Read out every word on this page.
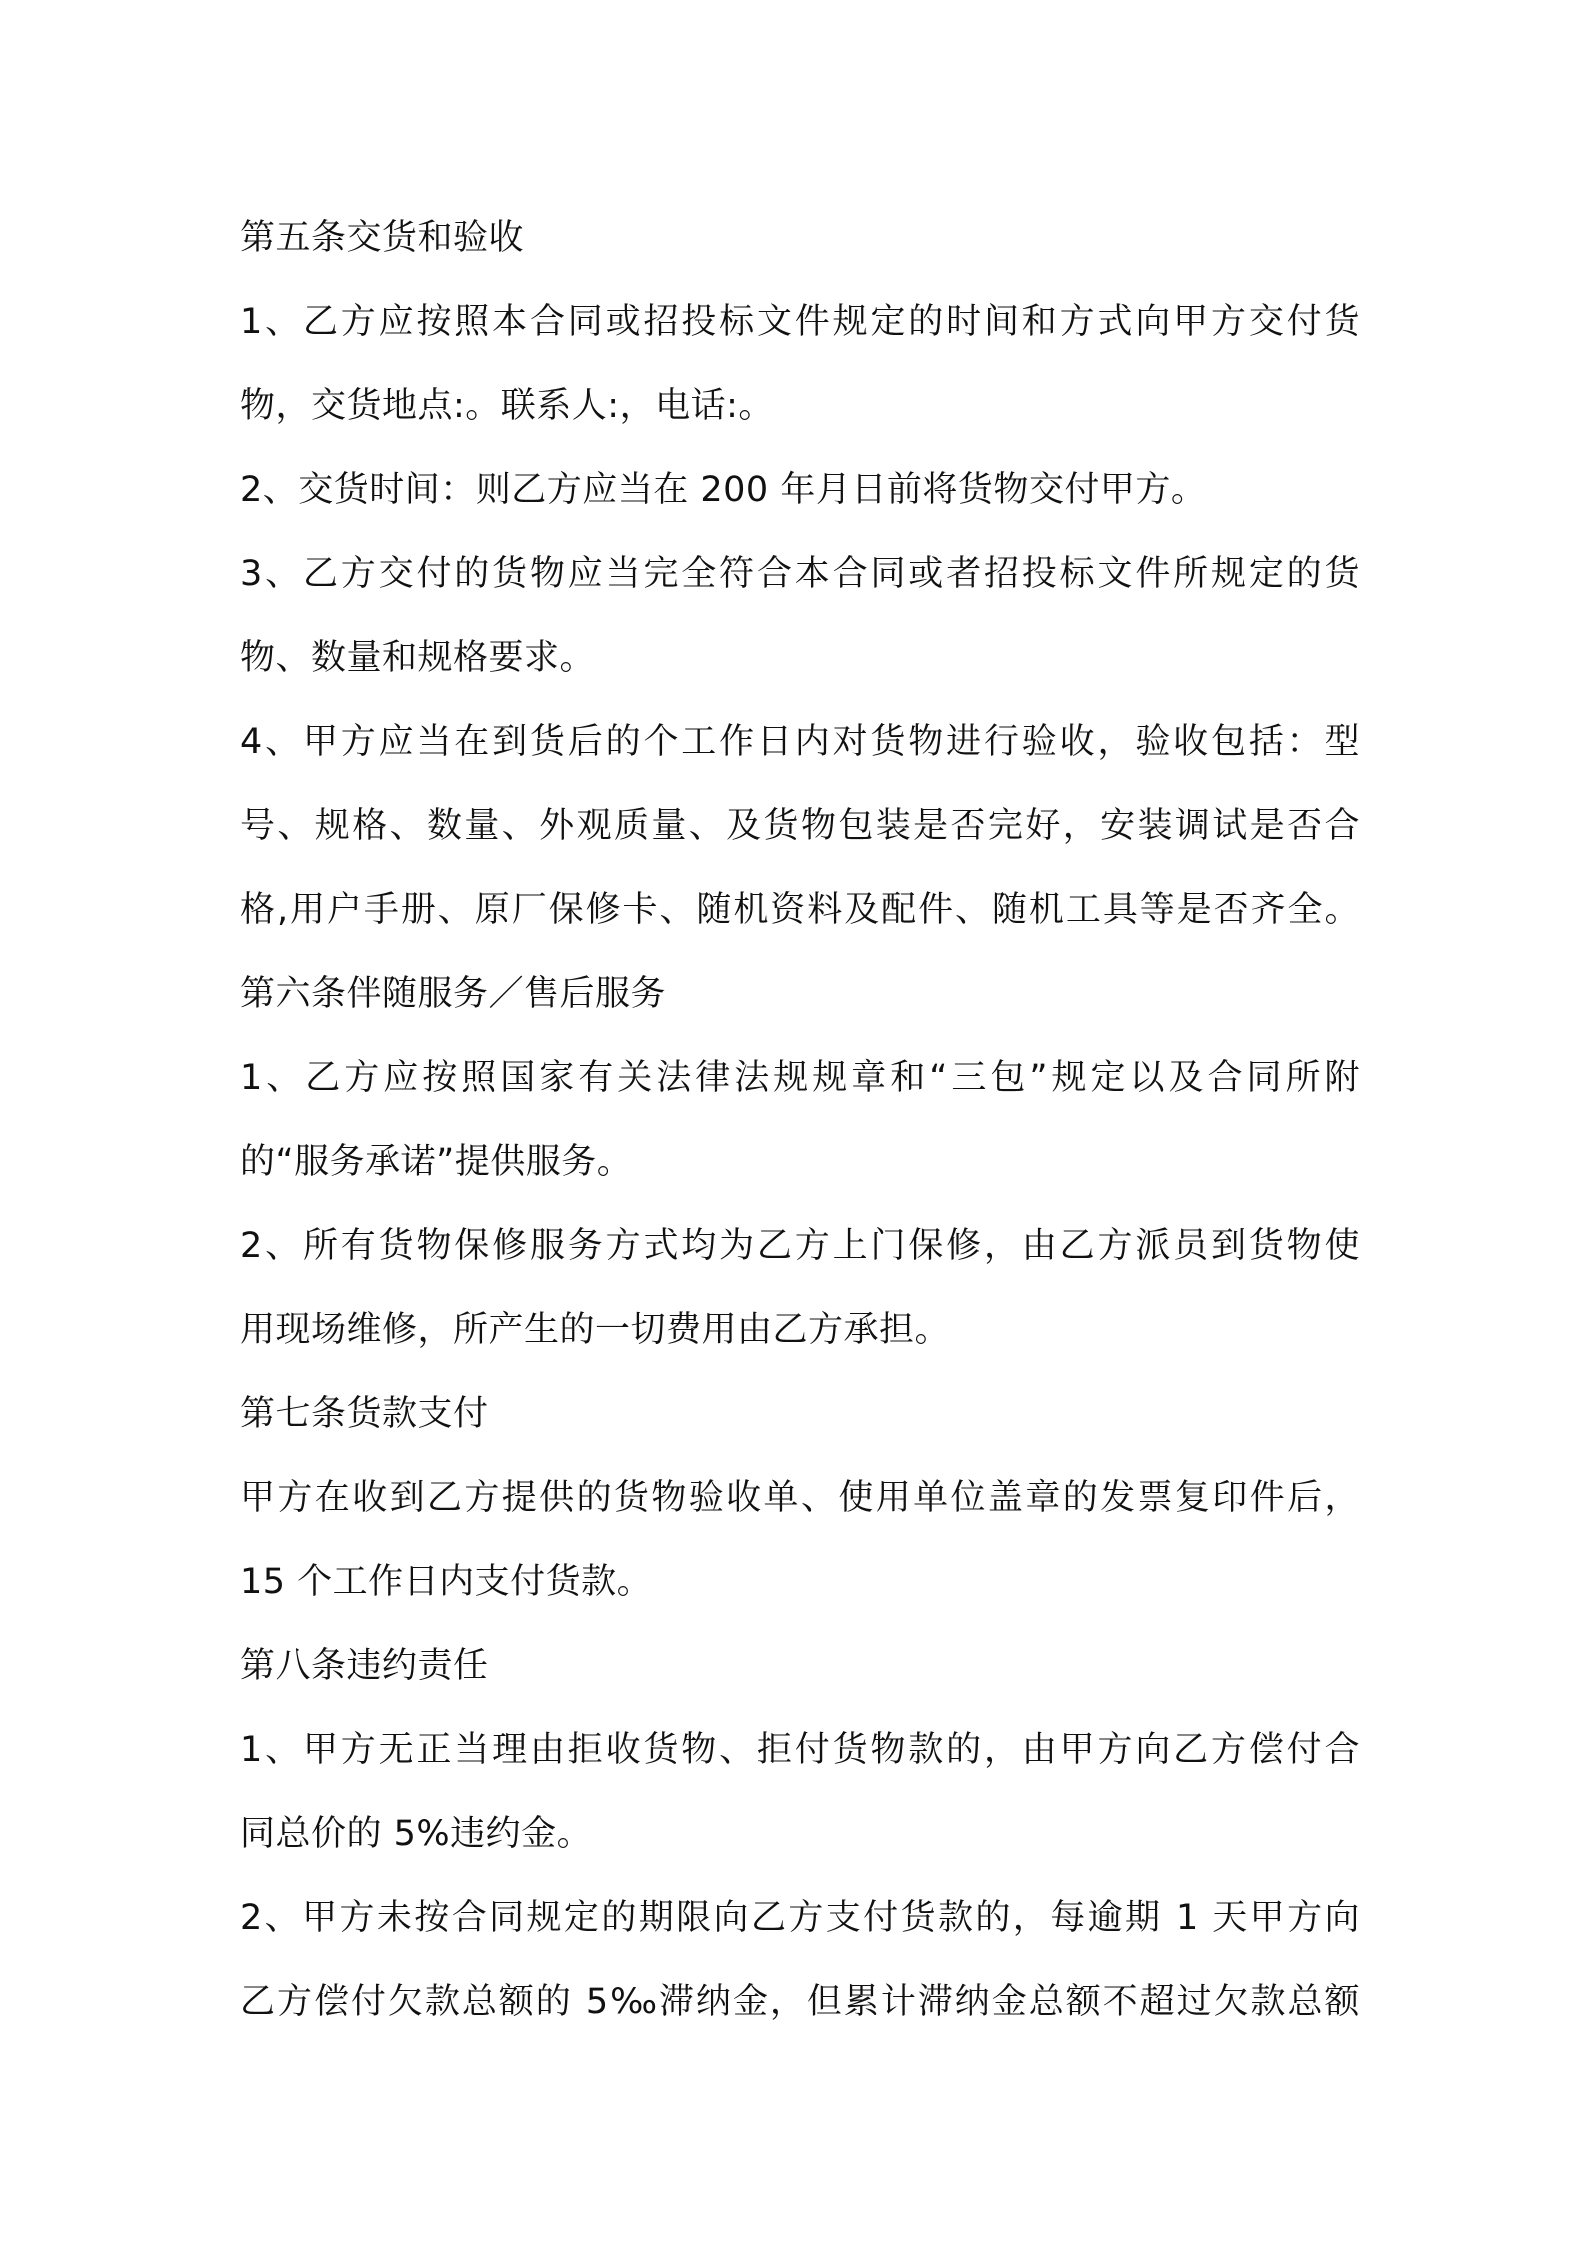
第五条交货和验收
1、乙方应按照本合同或招投标文件规定的时间和方式向甲方交付货
物，交货地点:。联系人:，电话:。
2、交货时间：则乙方应当在 200 年月日前将货物交付甲方。
3、乙方交付的货物应当完全符合本合同或者招投标文件所规定的货
物、数量和规格要求。
4、甲方应当在到货后的个工作日内对货物进行验收，验收包括：型
号、规格、数量、外观质量、及货物包装是否完好，安装调试是否合
格,用户手册、原厂保修卡、随机资料及配件、随机工具等是否齐全。
第六条伴随服务／售后服务
1、乙方应按照国家有关法律法规规章和“三包”规定以及合同所附
的“服务承诺”提供服务。
2、所有货物保修服务方式均为乙方上门保修，由乙方派员到货物使
用现场维修，所产生的一切费用由乙方承担。
第七条货款支付
甲方在收到乙方提供的货物验收单、使用单位盖章的发票复印件后，
15 个工作日内支付货款。
第八条违约责任
1、甲方无正当理由拒收货物、拒付货物款的，由甲方向乙方偿付合
同总价的 5%违约金。
2、甲方未按合同规定的期限向乙方支付货款的，每逾期 1 天甲方向
乙方偿付欠款总额的 5‰滞纳金，但累计滞纳金总额不超过欠款总额
